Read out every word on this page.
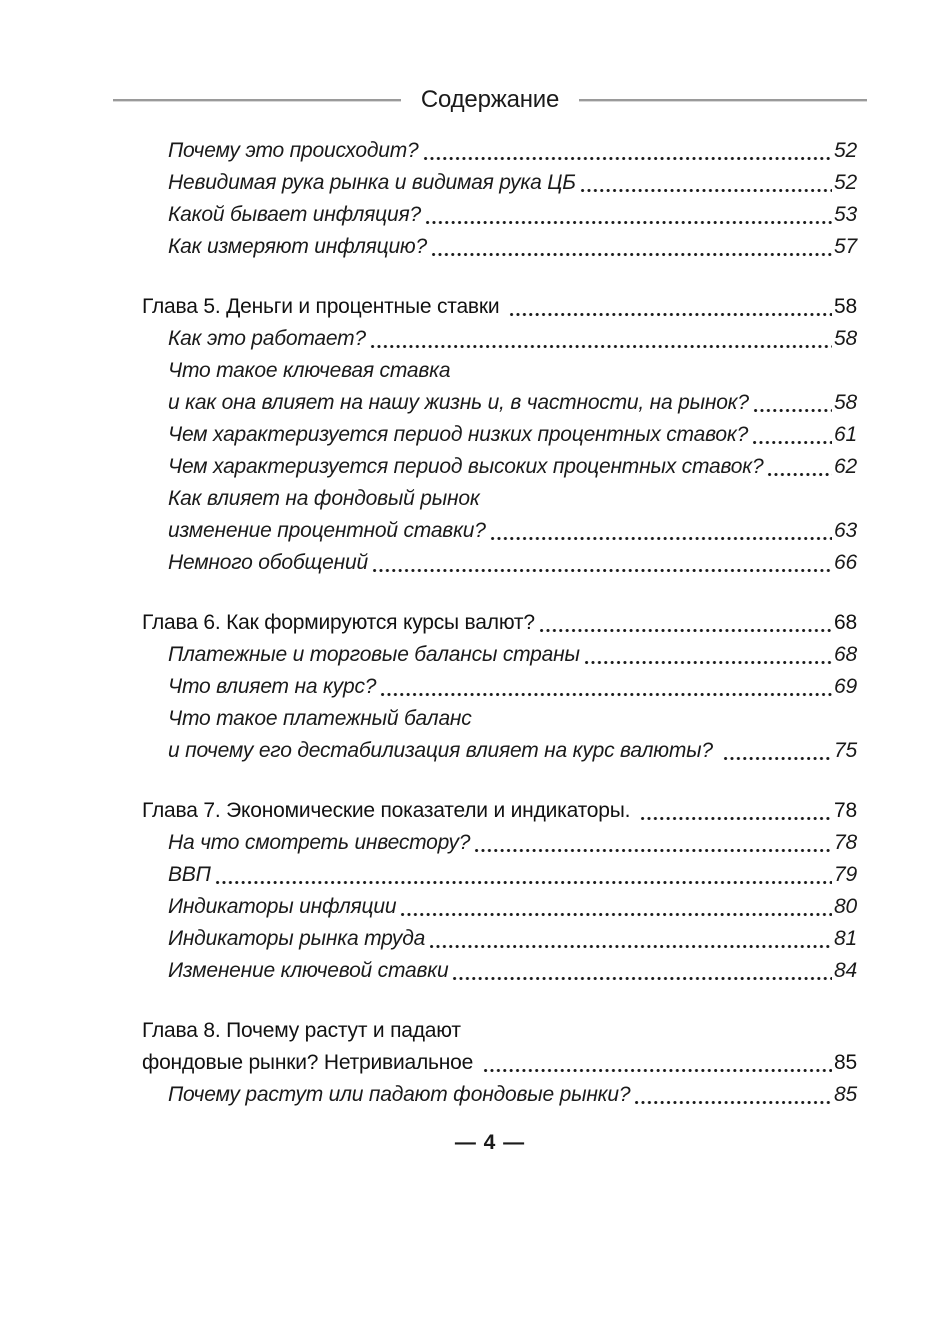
Содержание
Почему это происходит?	52
Невидимая рука рынка и видимая рука ЦБ	52
Какой бывает инфляция?	53
Как измеряют инфляцию?	57
Глава 5. Деньги и процентные ставки	58
Как это работает?	58
Что такое ключевая ставка
и как она влияет на нашу жизнь и, в частности, на рынок?	58
Чем характеризуется период низких процентных ставок?	61
Чем характеризуется период высоких процентных ставок?	62
Как влияет на фондовый рынок
изменение процентной ставки?	63
Немного обобщений	66
Глава 6. Как формируются курсы валют?	68
Платежные и торговые балансы страны	68
Что влияет на курс?	69
Что такое платежный баланс
и почему его дестабилизация влияет на курс валюты?	75
Глава 7. Экономические показатели и индикаторы.	78
На что смотреть инвестору?	78
ВВП	79
Индикаторы инфляции	80
Индикаторы рынка труда	81
Изменение ключевой ставки	84
Глава 8. Почему растут и падают
фондовые рынки? Нетривиальное	85
Почему растут или падают фондовые рынки?	85
— 4 —
